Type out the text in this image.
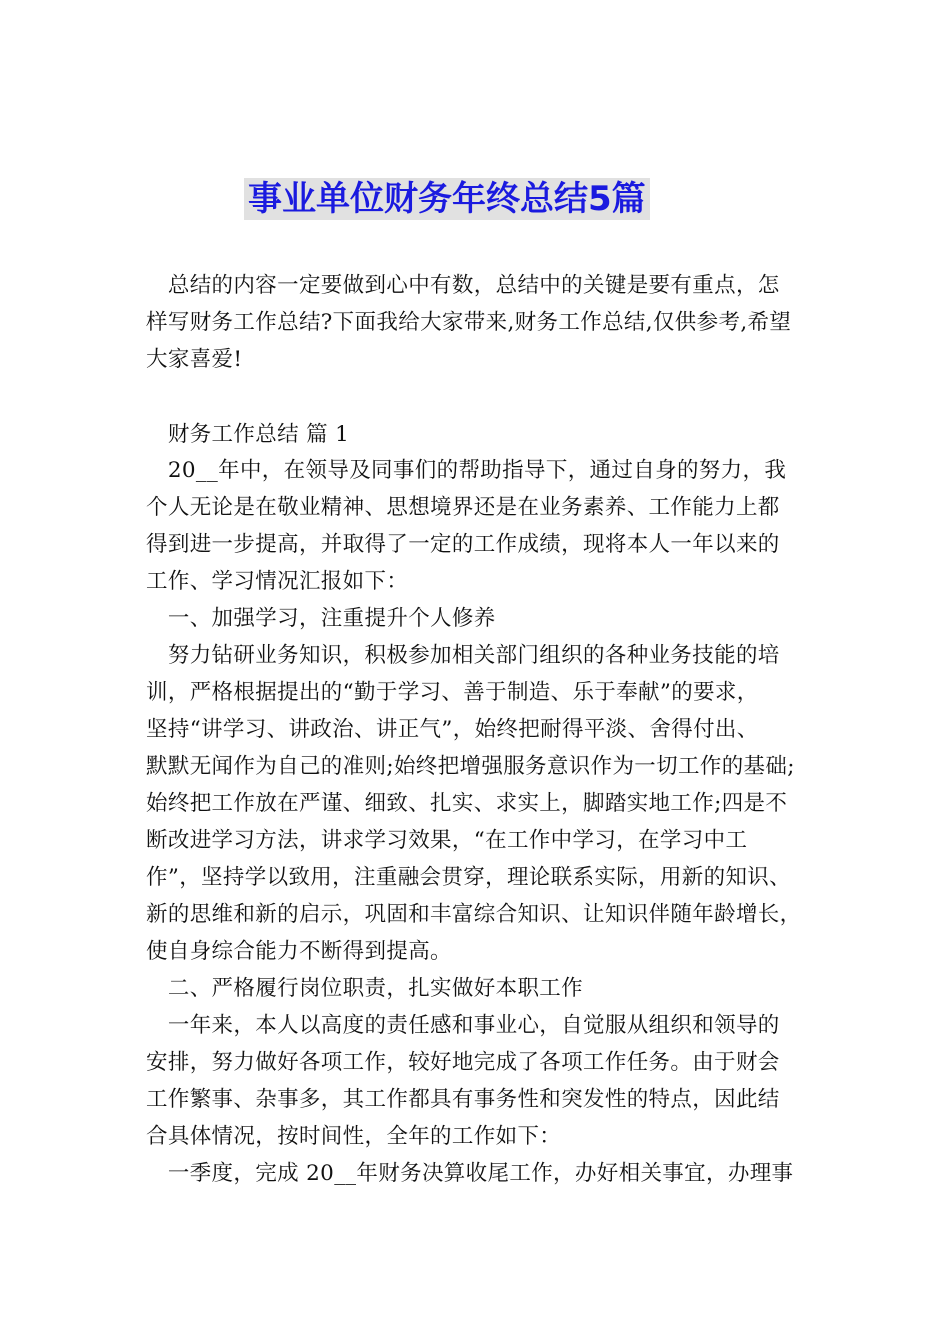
事业单位财务年终总结5篇
　总结的内容一定要做到心中有数，总结中的关键是要有重点，怎
样写财务工作总结?下面我给大家带来,财务工作总结,仅供参考,希望
大家喜爱!
　财务工作总结 篇 1
　20__年中，在领导及同事们的帮助指导下，通过自身的努力，我
个人无论是在敬业精神、思想境界还是在业务素养、工作能力上都
得到进一步提高，并取得了一定的工作成绩，现将本人一年以来的
工作、学习情况汇报如下：
　一、加强学习，注重提升个人修养
　努力钻研业务知识，积极参加相关部门组织的各种业务技能的培
训，严格根据提出的“勤于学习、善于制造、乐于奉献”的要求，
坚持“讲学习、讲政治、讲正气”，始终把耐得平淡、舍得付出、
默默无闻作为自己的准则;始终把增强服务意识作为一切工作的基础;
始终把工作放在严谨、细致、扎实、求实上，脚踏实地工作;四是不
断改进学习方法，讲求学习效果，“在工作中学习，在学习中工
作”，坚持学以致用，注重融会贯穿，理论联系实际，用新的知识、
新的思维和新的启示，巩固和丰富综合知识、让知识伴随年龄增长，
使自身综合能力不断得到提高。
　二、严格履行岗位职责，扎实做好本职工作
　一年来，本人以高度的责任感和事业心，自觉服从组织和领导的
安排，努力做好各项工作，较好地完成了各项工作任务。由于财会
工作繁事、杂事多，其工作都具有事务性和突发性的特点，因此结
合具体情况，按时间性，全年的工作如下：
　一季度，完成 20__年财务决算收尾工作，办好相关事宜，办理事
